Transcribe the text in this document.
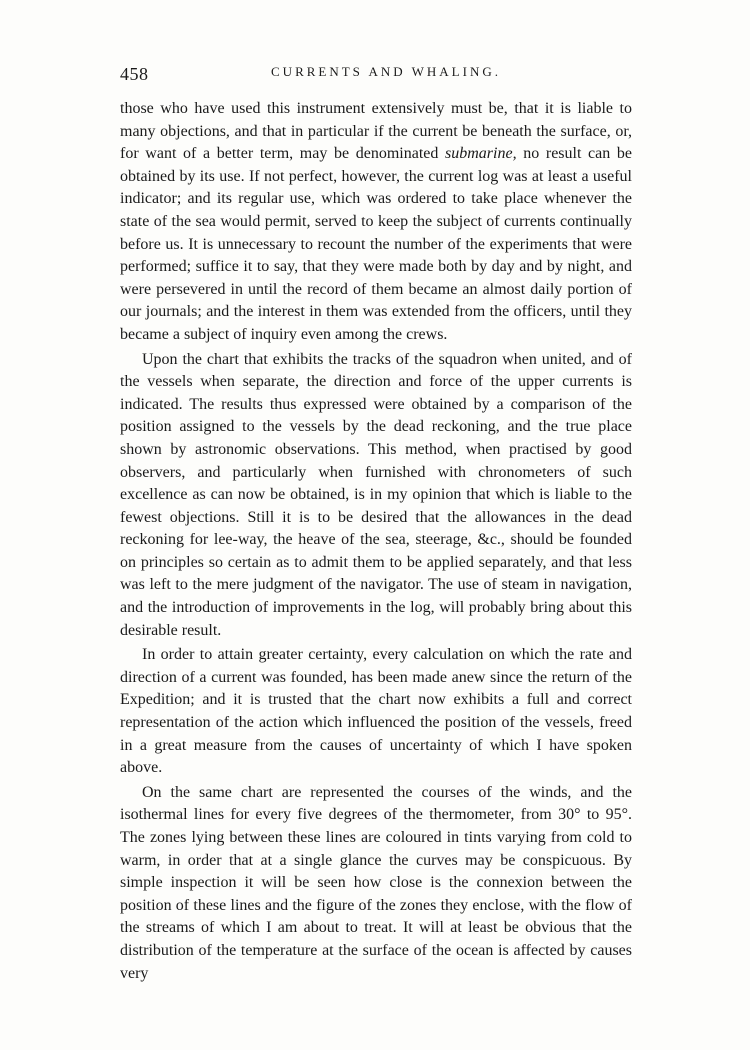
458	CURRENTS AND WHALING.

those who have used this instrument extensively must be, that it is liable to many objections, and that in particular if the current be beneath the surface, or, for want of a better term, may be denominated submarine, no result can be obtained by its use. If not perfect, however, the current log was at least a useful indicator; and its regular use, which was ordered to take place whenever the state of the sea would permit, served to keep the subject of currents continually before us. It is unnecessary to recount the number of the experiments that were performed; suffice it to say, that they were made both by day and by night, and were persevered in until the record of them became an almost daily portion of our journals; and the interest in them was extended from the officers, until they became a subject of inquiry even among the crews.

Upon the chart that exhibits the tracks of the squadron when united, and of the vessels when separate, the direction and force of the upper currents is indicated. The results thus expressed were obtained by a comparison of the position assigned to the vessels by the dead reckoning, and the true place shown by astronomic observations. This method, when practised by good observers, and particularly when furnished with chronometers of such excellence as can now be obtained, is in my opinion that which is liable to the fewest objections. Still it is to be desired that the allowances in the dead reckoning for lee-way, the heave of the sea, steerage, &c., should be founded on principles so certain as to admit them to be applied separately, and that less was left to the mere judgment of the navigator. The use of steam in navigation, and the introduction of improvements in the log, will probably bring about this desirable result.

In order to attain greater certainty, every calculation on which the rate and direction of a current was founded, has been made anew since the return of the Expedition; and it is trusted that the chart now exhibits a full and correct representation of the action which influenced the position of the vessels, freed in a great measure from the causes of uncertainty of which I have spoken above.

On the same chart are represented the courses of the winds, and the isothermal lines for every five degrees of the thermometer, from 30° to 95°. The zones lying between these lines are coloured in tints varying from cold to warm, in order that at a single glance the curves may be conspicuous. By simple inspection it will be seen how close is the connexion between the position of these lines and the figure of the zones they enclose, with the flow of the streams of which I am about to treat. It will at least be obvious that the distribution of the temperature at the surface of the ocean is affected by causes very
